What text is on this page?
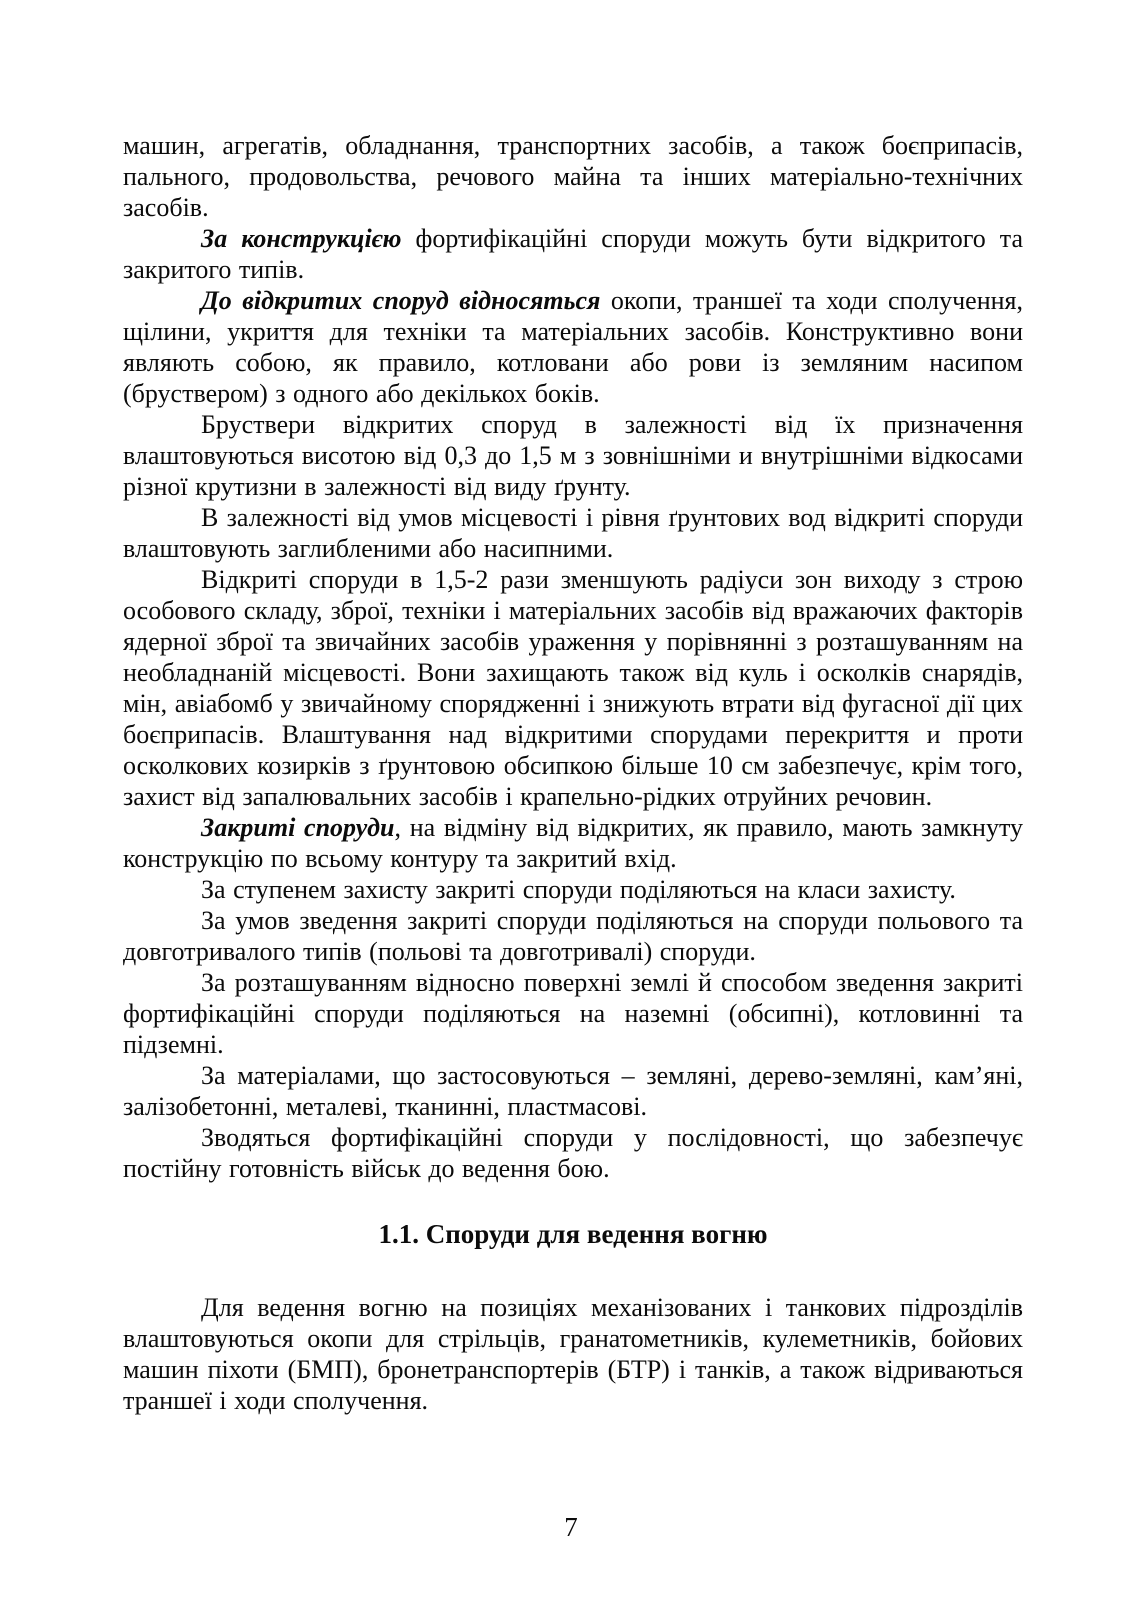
машин, агрегатів, обладнання, транспортних засобів, а також боєприпасів, пального, продовольства, речового майна та інших матеріально-технічних засобів.

За конструкцією фортифікаційні споруди можуть бути відкритого та закритого типів.

До відкритих споруд відносяться окопи, траншеї та ходи сполучення, щілини, укриття для техніки та матеріальних засобів. Конструктивно вони являють собою, як правило, котловани або рови із земляним насипом (бруствером) з одного або декількох боків.

Бруствери відкритих споруд в залежності від їх призначення влаштовуються висотою від 0,3 до 1,5 м з зовнішніми и внутрішніми відкосами різної крутизни в залежності від виду ґрунту.

В залежності від умов місцевості і рівня ґрунтових вод відкриті споруди влаштовують заглибленими або насипними.

Відкриті споруди в 1,5-2 рази зменшують радіуси зон виходу з строю особового складу, зброї, техніки і матеріальних засобів від вражаючих факторів ядерної зброї та звичайних засобів ураження у порівнянні з розташуванням на необладнаній місцевості. Вони захищають також від куль і осколків снарядів, мін, авіабомб у звичайному спорядженні і знижують втрати від фугасної дії цих боєприпасів. Влаштування над відкритими спорудами перекриття и проти осколкових козирків з ґрунтовою обсипкою більше 10 см забезпечує, крім того, захист від запалювальних засобів і крапельно-рідких отруйних речовин.

Закриті споруди, на відміну від відкритих, як правило, мають замкнуту конструкцію по всьому контуру та закритий вхід.

За ступенем захисту закриті споруди поділяються на класи захисту.

За умов зведення закриті споруди поділяються на споруди польового та довготривалого типів (польові та довготривалі) споруди.

За розташуванням відносно поверхні землі й способом зведення закриті фортифікаційні споруди поділяються на наземні (обсипні), котловинні та підземні.

За матеріалами, що застосовуються – земляні, дерево-земляні, кам’яні, залізобетонні, металеві, тканинні, пластмасові.

Зводяться фортифікаційні споруди у послідовності, що забезпечує постійну готовність військ до ведення бою.

1.1. Споруди для ведення вогню

Для ведення вогню на позиціях механізованих і танкових підрозділів влаштовуються окопи для стрільців, гранатометників, кулеметників, бойових машин піхоти (БМП), бронетранспортерів (БТР) і танків, а також відриваються траншеї і ходи сполучення.

7
